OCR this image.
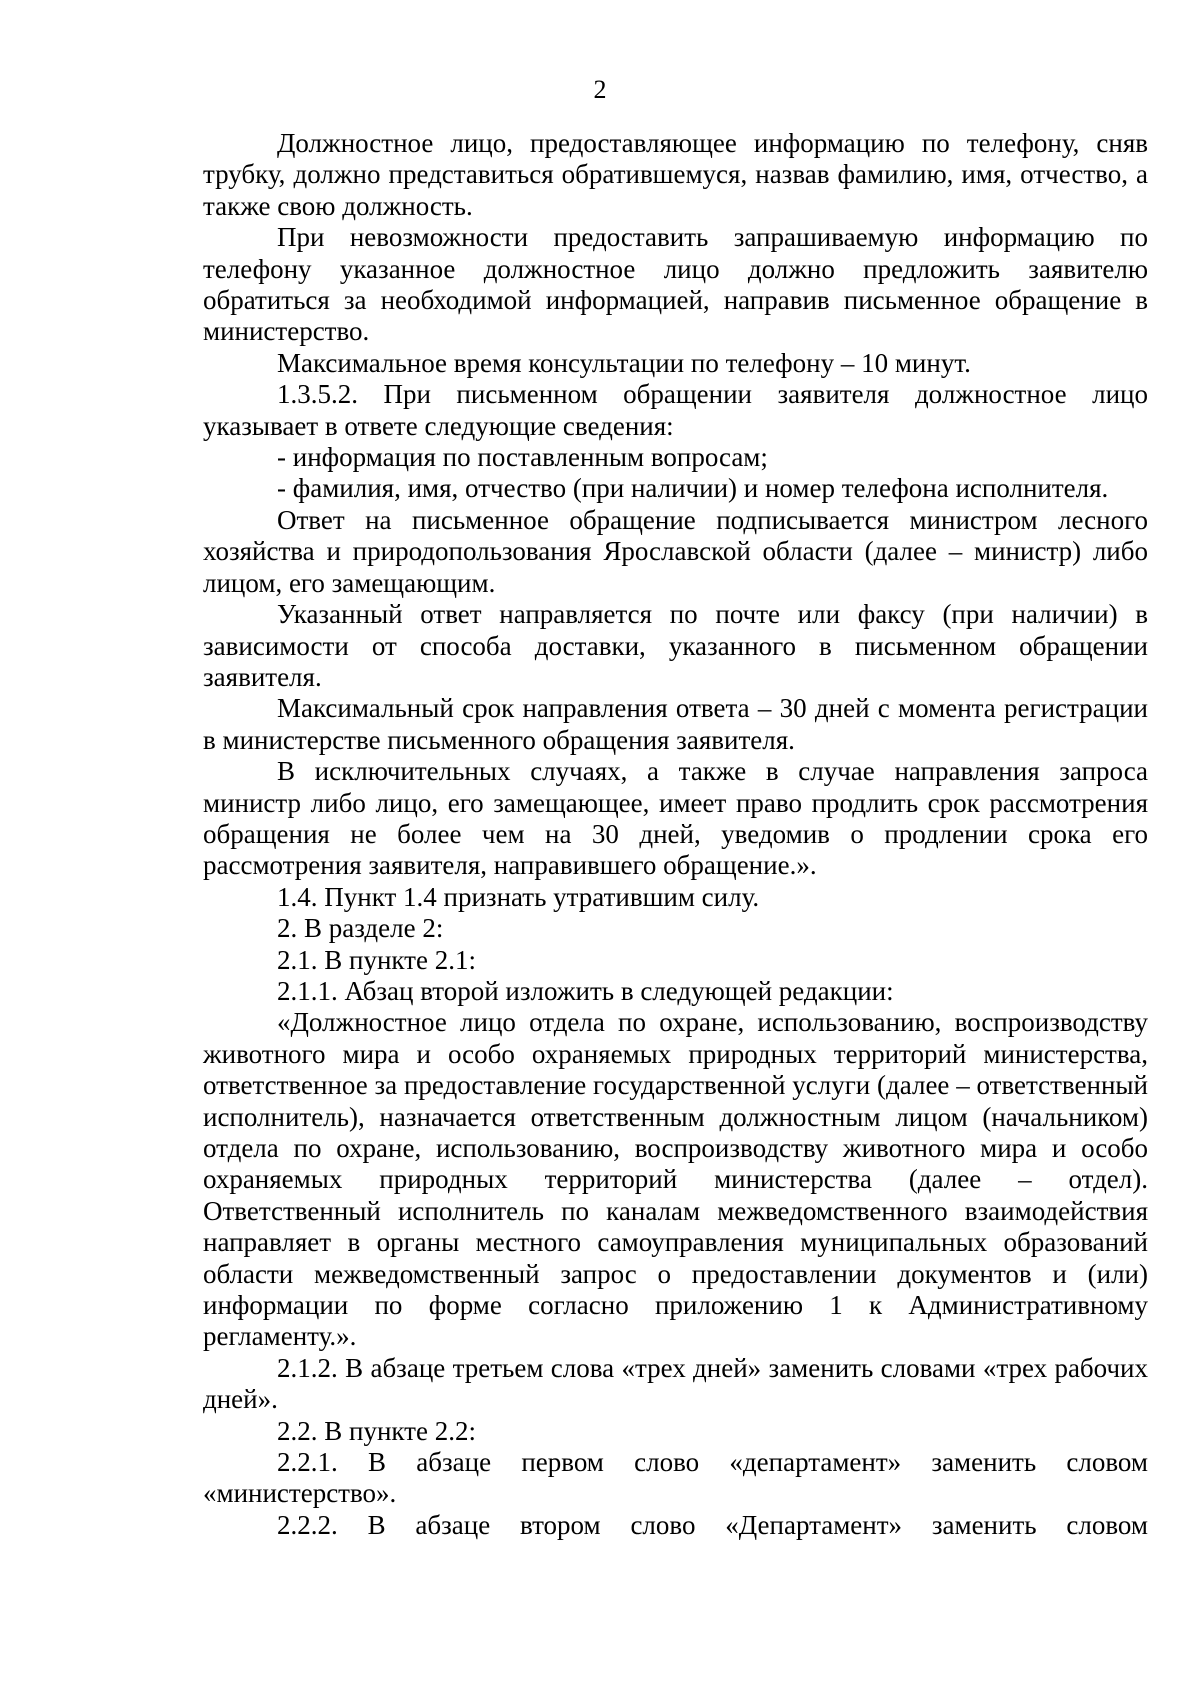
2

Должностное лицо, предоставляющее информацию по телефону, сняв трубку, должно представиться обратившемуся, назвав фамилию, имя, отчество, а также свою должность.

При невозможности предоставить запрашиваемую информацию по телефону указанное должностное лицо должно предложить заявителю обратиться за необходимой информацией, направив письменное обращение в министерство.

Максимальное время консультации по телефону – 10 минут.

1.3.5.2. При письменном обращении заявителя должностное лицо указывает в ответе следующие сведения:

- информация по поставленным вопросам;

- фамилия, имя, отчество (при наличии) и номер телефона исполнителя.

Ответ на письменное обращение подписывается министром лесного хозяйства и природопользования Ярославской области (далее – министр) либо лицом, его замещающим.

Указанный ответ направляется по почте или факсу (при наличии) в зависимости от способа доставки, указанного в письменном обращении заявителя.

Максимальный срок направления ответа – 30 дней с момента регистрации в министерстве письменного обращения заявителя.

В исключительных случаях, а также в случае направления запроса министр либо лицо, его замещающее, имеет право продлить срок рассмотрения обращения не более чем на 30 дней, уведомив о продлении срока его рассмотрения заявителя, направившего обращение.».

1.4. Пункт 1.4 признать утратившим силу.

2. В разделе 2:

2.1. В пункте 2.1:

2.1.1. Абзац второй изложить в следующей редакции:

«Должностное лицо отдела по охране, использованию, воспроизводству животного мира и особо охраняемых природных территорий министерства, ответственное за предоставление государственной услуги (далее – ответственный исполнитель), назначается ответственным должностным лицом (начальником) отдела по охране, использованию, воспроизводству животного мира и особо охраняемых природных территорий министерства (далее – отдел). Ответственный исполнитель по каналам межведомственного взаимодействия направляет в органы местного самоуправления муниципальных образований области межведомственный запрос о предоставлении документов и (или) информации по форме согласно приложению 1 к Административному регламенту.».

2.1.2. В абзаце третьем слова «трех дней» заменить словами «трех рабочих дней».

2.2. В пункте 2.2:

2.2.1. В абзаце первом слово «департамент» заменить словом «министерство».

2.2.2. В абзаце втором слово «Департамент» заменить словом
